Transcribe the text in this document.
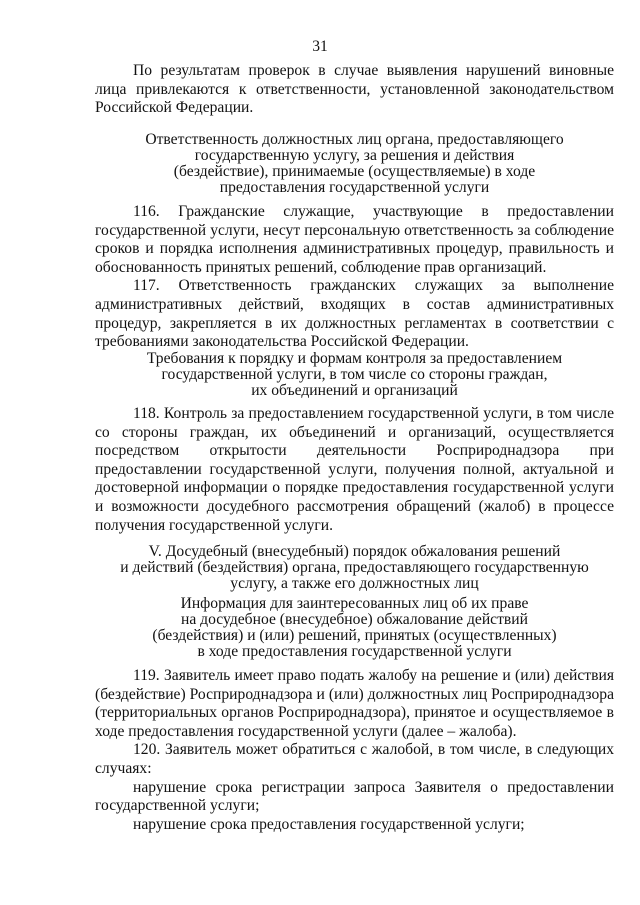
31

По результатам проверок в случае выявления нарушений виновные лица привлекаются к ответственности, установленной законодательством Российской Федерации.

Ответственность должностных лиц органа, предоставляющего
государственную услугу, за решения и действия
(бездействие), принимаемые (осуществляемые) в ходе
предоставления государственной услуги

116. Гражданские служащие, участвующие в предоставлении государственной услуги, несут персональную ответственность за соблюдение сроков и порядка исполнения административных процедур, правильность и обоснованность принятых решений, соблюдение прав организаций.

117. Ответственность гражданских служащих за выполнение административных действий, входящих в состав административных процедур, закрепляется в их должностных регламентах в соответствии с требованиями законодательства Российской Федерации.

Требования к порядку и формам контроля за предоставлением
государственной услуги, в том числе со стороны граждан,
их объединений и организаций

118. Контроль за предоставлением государственной услуги, в том числе со стороны граждан, их объединений и организаций, осуществляется посредством открытости деятельности Росприроднадзора при предоставлении государственной услуги, получения полной, актуальной и достоверной информации о порядке предоставления государственной услуги и возможности досудебного рассмотрения обращений (жалоб) в процессе получения государственной услуги.

V. Досудебный (внесудебный) порядок обжалования решений
и действий (бездействия) органа, предоставляющего государственную
услугу, а также его должностных лиц
Информация для заинтересованных лиц об их праве
на досудебное (внесудебное) обжалование действий
(бездействия) и (или) решений, принятых (осуществленных)
в ходе предоставления государственной услуги

119. Заявитель имеет право подать жалобу на решение и (или) действия (бездействие) Росприроднадзора и (или) должностных лиц Росприроднадзора (территориальных органов Росприроднадзора), принятое и осуществляемое в ходе предоставления государственной услуги (далее – жалоба).

120. Заявитель может обратиться с жалобой, в том числе, в следующих случаях:

нарушение срока регистрации запроса Заявителя о предоставлении государственной услуги;

нарушение срока предоставления государственной услуги;
